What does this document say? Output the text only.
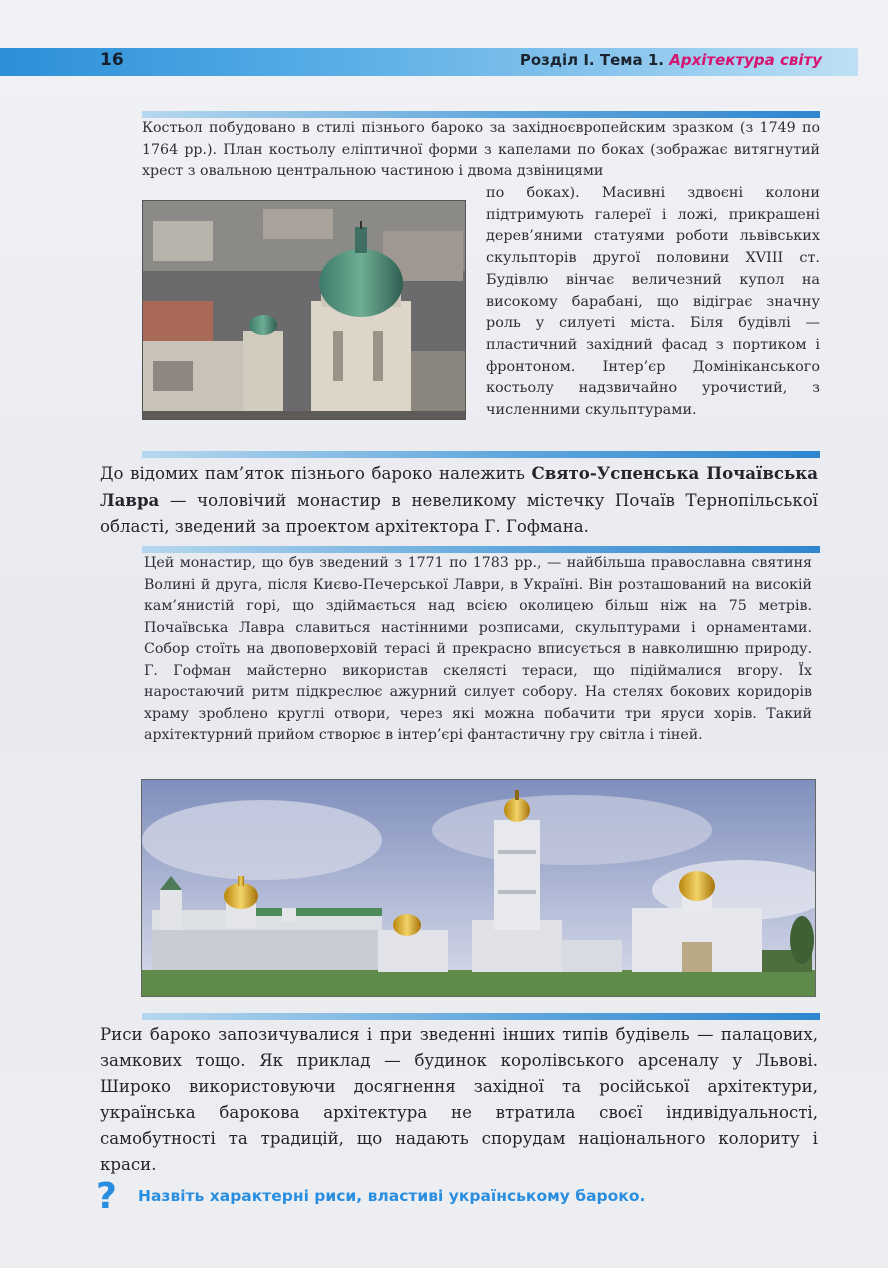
16	Розділ І. Тема 1. Архітектура світу
Костьол побудовано в стилі пізнього бароко за західноєвропейским зразком (з 1749 по 1764 рр.). План костьолу еліптичної форми з капелами по боках (зображає витягнутий хрест з овальною центральною частиною і двома дзвіницями
по боках). Масивні здвоєні колони підтримують галереї і ложі, прикрашені дерев’яними статуями роботи львівських скульпторів другої половини XVIII ст. Будівлю вінчає величезний купол на високому барабані, що відіграє значну роль у силуеті міста. Біля будівлі — пластичний західний фасад з портиком і фронтоном. Інтер’єр Домініканського костьолу надзвичайно урочистий, з численними скульптурами.
До відомих пам’яток пізнього бароко належить Свято-Успенська Почаївська Лавра — чоловічий монастир в невеликому містечку Почаїв Тернопільської області, зведений за проектом архітектора Г. Гофмана.
Цей монастир, що був зведений з 1771 по 1783 рр., — найбільша православна святиня Волині й друга, після Києво-Печерської Лаври, в Україні. Він розташований на високій кам’янистій горі, що здіймається над всією околицею більш ніж на 75 метрів. Почаївська Лавра славиться настінними розписами, скульптурами і орнаментами. Собор стоїть на двоповерховій терасі й прекрасно вписується в навколишню природу. Г. Гофман майстерно використав скелясті тераси, що підіймалися вгору. Їх наростаючий ритм підкреслює ажурний силует собору. На стелях бокових коридорів храму зроблено круглі отвори, через які можна побачити три яруси хорів. Такий архітектурний прийом створює в інтер’єрі фантастичну гру світла і тіней.
Риси бароко запозичувалися і при зведенні інших типів будівель — палацових, замкових тощо. Як приклад — будинок королівського арсеналу у Львові. Широко використовуючи досягнення західної та російської архітектури, українська барокова архітектура не втратила своєї індивідуальності, самобутності та традицій, що надають спорудам національного колориту і краси.
? Назвіть характерні риси, властиві українському бароко.
